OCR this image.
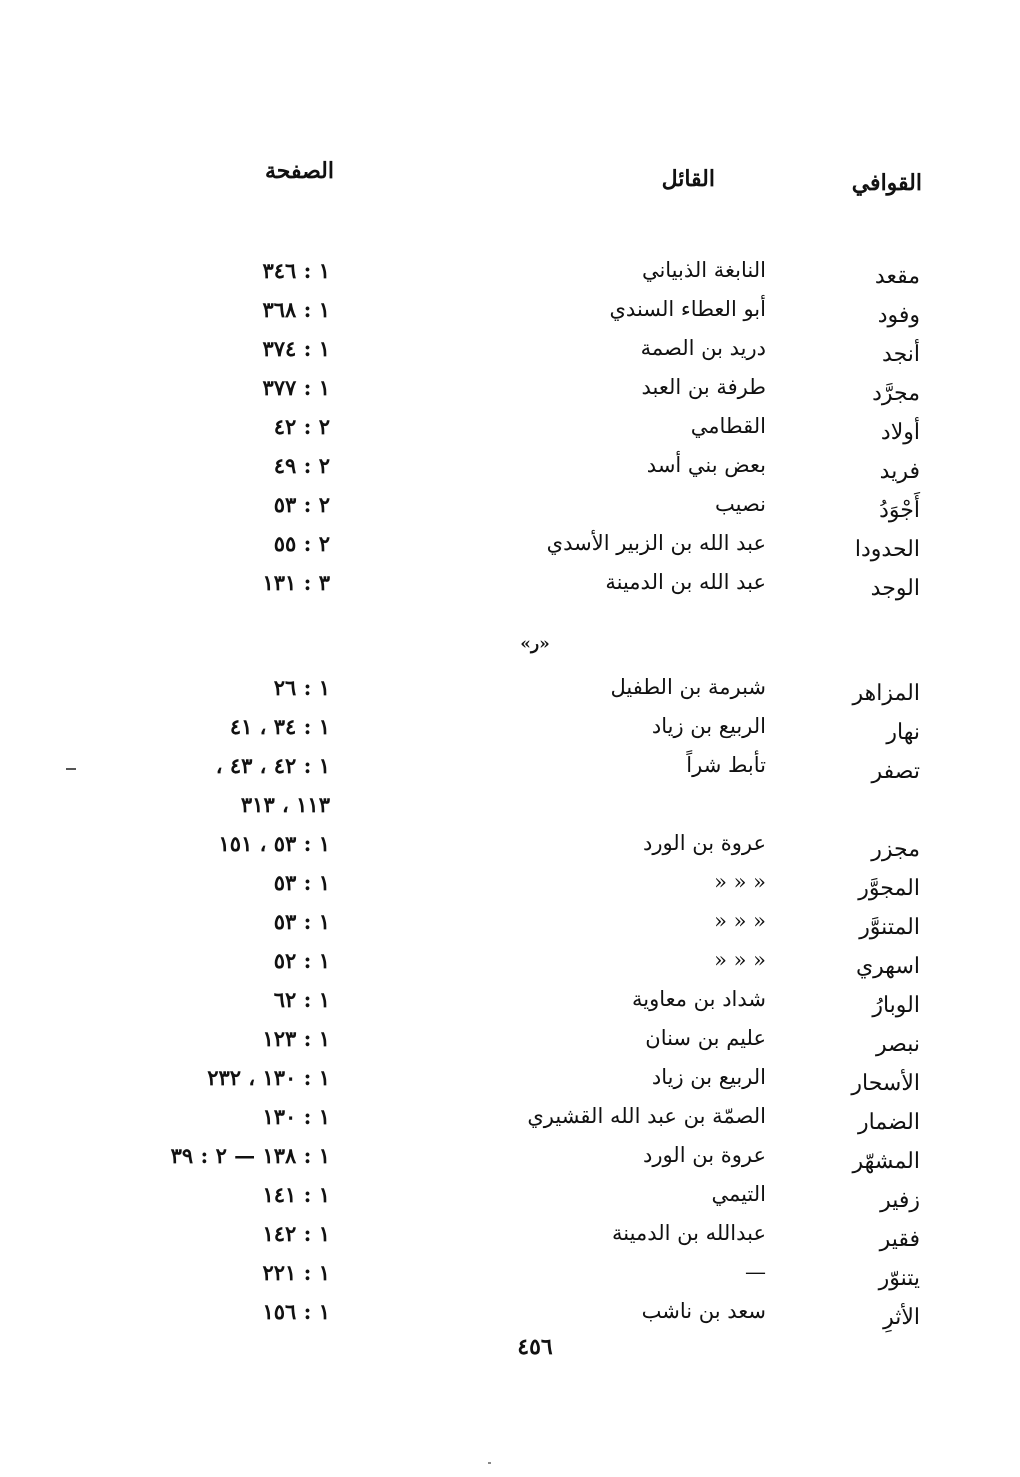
القوافي
القائل
الصفحة
مقعد
النابغة الذبياني
١ : ٣٤٦
وفود
أبو العطاء السندي
١ : ٣٦٨
أنجد
دريد بن الصمة
١ : ٣٧٤
مجرَّد
طرفة بن العبد
١ : ٣٧٧
أولاد
القطامي
٢ : ٤٢
فريد
بعض بني أسد
٢ : ٤٩
أَجْوَدُ
نصيب
٢ : ٥٣
الحدودا
عبد الله بن الزبير الأسدي
٢ : ٥٥
الوجد
عبد الله بن الدمينة
٣ : ١٣١
المزاهر
شبرمة بن الطفيل
١ : ٢٦
نهار
الربيع بن زياد
١ : ٣٤ ، ٤١
تصفر
تأبط شراً
١ : ٤٢ ، ٤٣ ،
١١٣ ، ٣١٣
مجزر
عروة بن الورد
١ : ٥٣ ، ١٥١
المجوَّر
« « «
١ : ٥٣
المتنوَّر
« « «
١ : ٥٣
اسهري
« « «
١ : ٥٢
الوبارُ
شداد بن معاوية
١ : ٦٢
نبصر
عليم بن سنان
١ : ١٢٣
الأسحار
الربيع بن زياد
١ : ١٣٠ ، ٢٣٢
الضمار
الصمّة بن عبد الله القشيري
١ : ١٣٠
المشهّر
عروة بن الورد
١ : ١٣٨ — ٢ : ٣٩
زفير
التيمي
١ : ١٤١
فقير
عبدالله بن الدمينة
١ : ١٤٢
يتنوّر
—
١ : ٢٢١
الأثرِ
سعد بن ناشب
١ : ١٥٦
«ر»
٤٥٦
